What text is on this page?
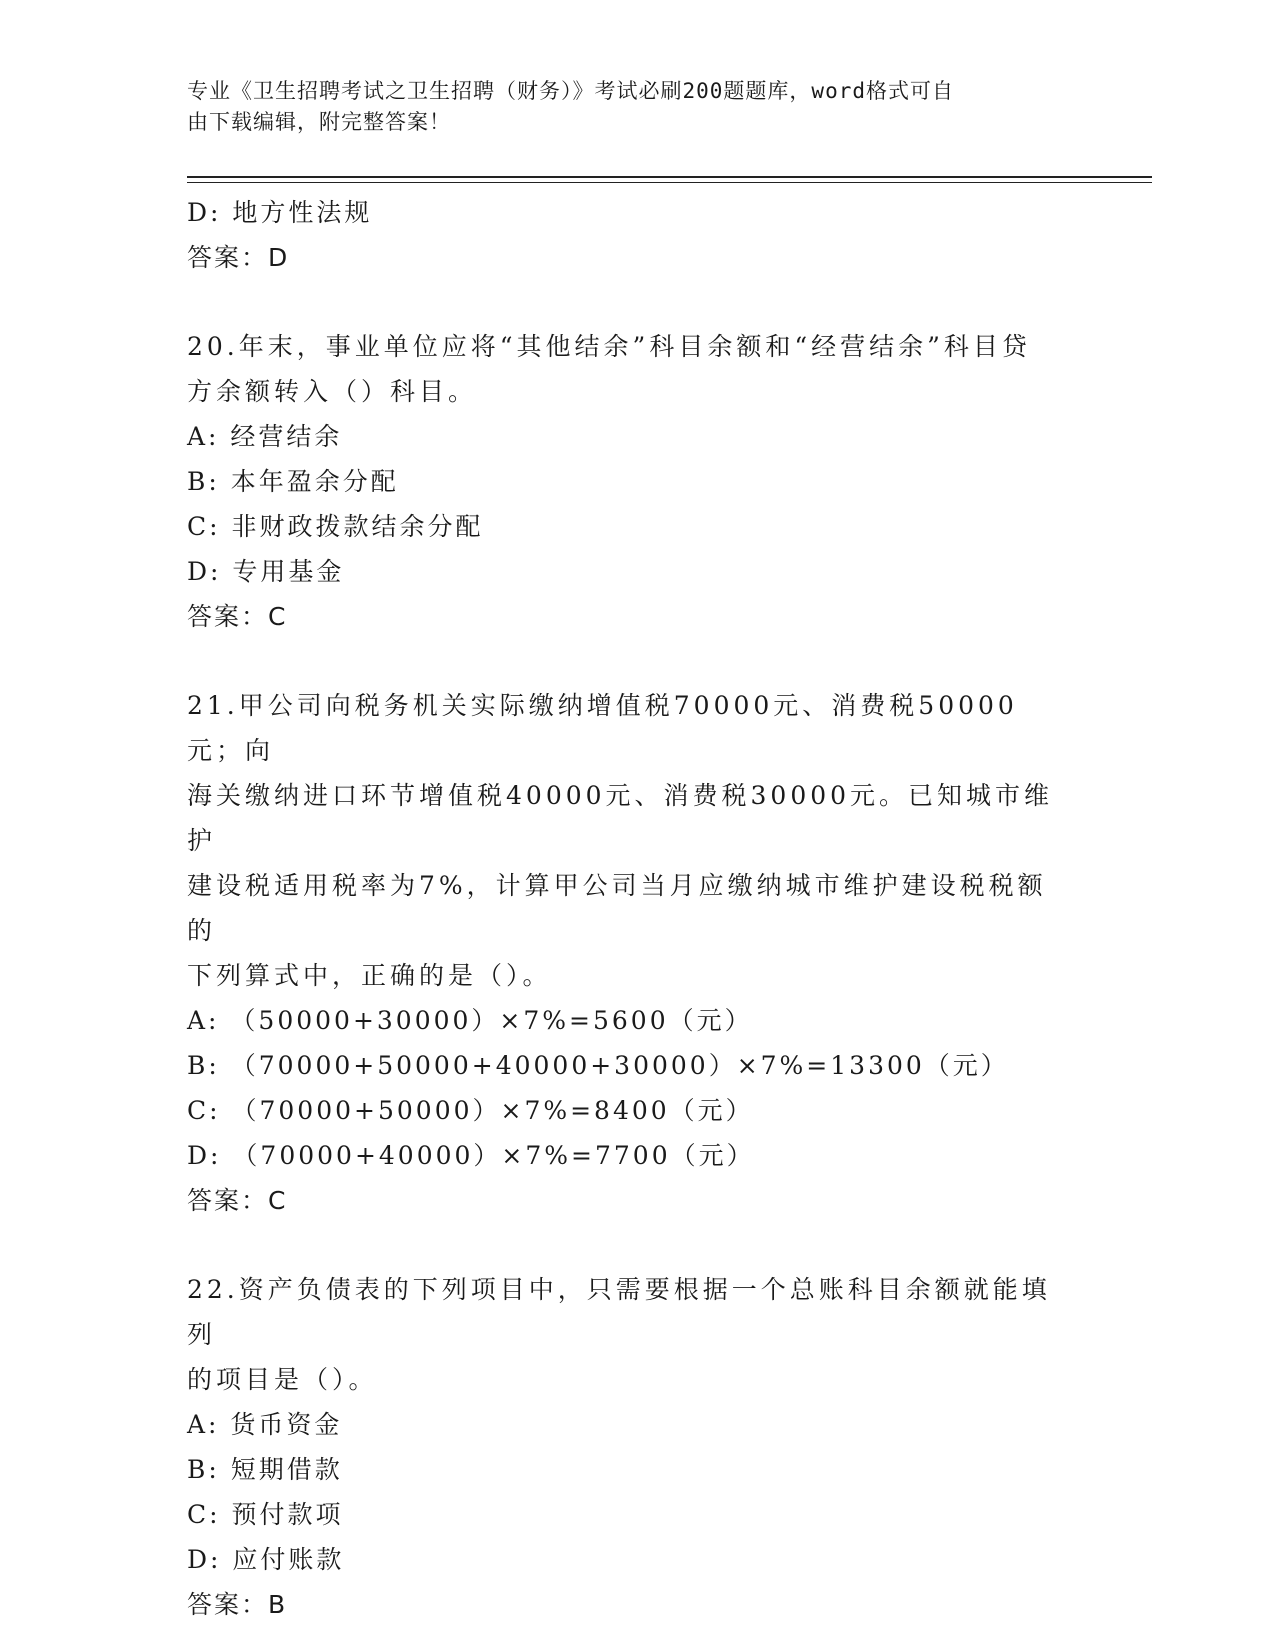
专业《卫生招聘考试之卫生招聘（财务）》考试必刷200题题库，word格式可自
由下载编辑，附完整答案！
D: 地方性法规
答案：D
20.年末，事业单位应将“其他结余”科目余额和“经营结余”科目贷
方余额转入（）科目。
A: 经营结余
B: 本年盈余分配
C: 非财政拨款结余分配
D: 专用基金
答案：C
21.甲公司向税务机关实际缴纳增值税70000元、消费税50000元；向
海关缴纳进口环节增值税40000元、消费税30000元。已知城市维护
建设税适用税率为7%，计算甲公司当月应缴纳城市维护建设税税额的
下列算式中，正确的是（）。
A: （50000+30000）×7%=5600（元）
B: （70000+50000+40000+30000）×7%=13300（元）
C: （70000+50000）×7%=8400（元）
D: （70000+40000）×7%=7700（元）
答案：C
22.资产负债表的下列项目中，只需要根据一个总账科目余额就能填列
的项目是（）。
A: 货币资金
B: 短期借款
C: 预付款项
D: 应付账款
答案：B
